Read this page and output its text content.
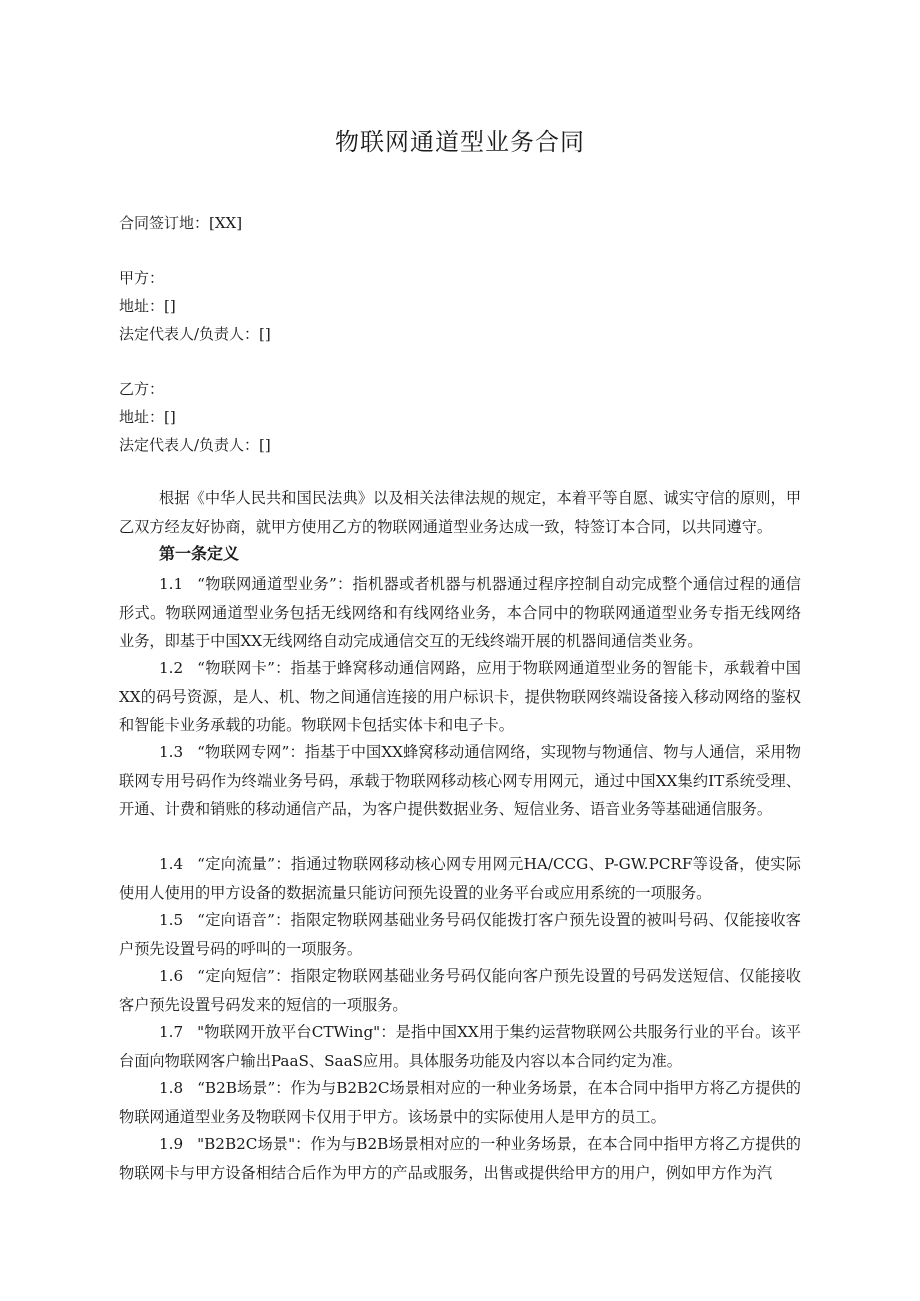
物联网通道型业务合同
合同签订地：[XX]
甲方：
地址：[]
法定代表人/负责人：[]
乙方：
地址：[]
法定代表人/负责人：[]
根据《中华人民共和国民法典》以及相关法律法规的规定，本着平等自愿、诚实守信的原则，甲乙双方经友好协商，就甲方使用乙方的物联网通道型业务达成一致，特签订本合同，以共同遵守。
第一条定义
1.1 “物联网通道型业务”：指机器或者机器与机器通过程序控制自动完成整个通信过程的通信形式。物联网通道型业务包括无线网络和有线网络业务，本合同中的物联网通道型业务专指无线网络业务，即基于中国XX无线网络自动完成通信交互的无线终端开展的机器间通信类业务。
1.2 “物联网卡”：指基于蜂窝移动通信网路，应用于物联网通道型业务的智能卡，承载着中国XX的码号资源，是人、机、物之间通信连接的用户标识卡，提供物联网终端设备接入移动网络的鉴权和智能卡业务承载的功能。物联网卡包括实体卡和电子卡。
1.3 “物联网专网”：指基于中国XX蜂窝移动通信网络，实现物与物通信、物与人通信，采用物联网专用号码作为终端业务号码，承载于物联网移动核心网专用网元，通过中国XX集约IT系统受理、开通、计费和销账的移动通信产品，为客户提供数据业务、短信业务、语音业务等基础通信服务。
1.4 “定向流量”：指通过物联网移动核心网专用网元HA/CCG、P-GW.PCRF等设备，使实际使用人使用的甲方设备的数据流量只能访问预先设置的业务平台或应用系统的一项服务。
1.5 “定向语音”：指限定物联网基础业务号码仅能拨打客户预先设置的被叫号码、仅能接收客户预先设置号码的呼叫的一项服务。
1.6 “定向短信”：指限定物联网基础业务号码仅能向客户预先设置的号码发送短信、仅能接收客户预先设置号码发来的短信的一项服务。
1.7 "物联网开放平台CTWing"：是指中国XX用于集约运营物联网公共服务行业的平台。该平台面向物联网客户输出PaaS、SaaS应用。具体服务功能及内容以本合同约定为准。
1.8 “B2B场景”：作为与B2B2C场景相对应的一种业务场景，在本合同中指甲方将乙方提供的物联网通道型业务及物联网卡仅用于甲方。该场景中的实际使用人是甲方的员工。
1.9 "B2B2C场景"：作为与B2B场景相对应的一种业务场景，在本合同中指甲方将乙方提供的物联网卡与甲方设备相结合后作为甲方的产品或服务，出售或提供给甲方的用户，例如甲方作为汽
